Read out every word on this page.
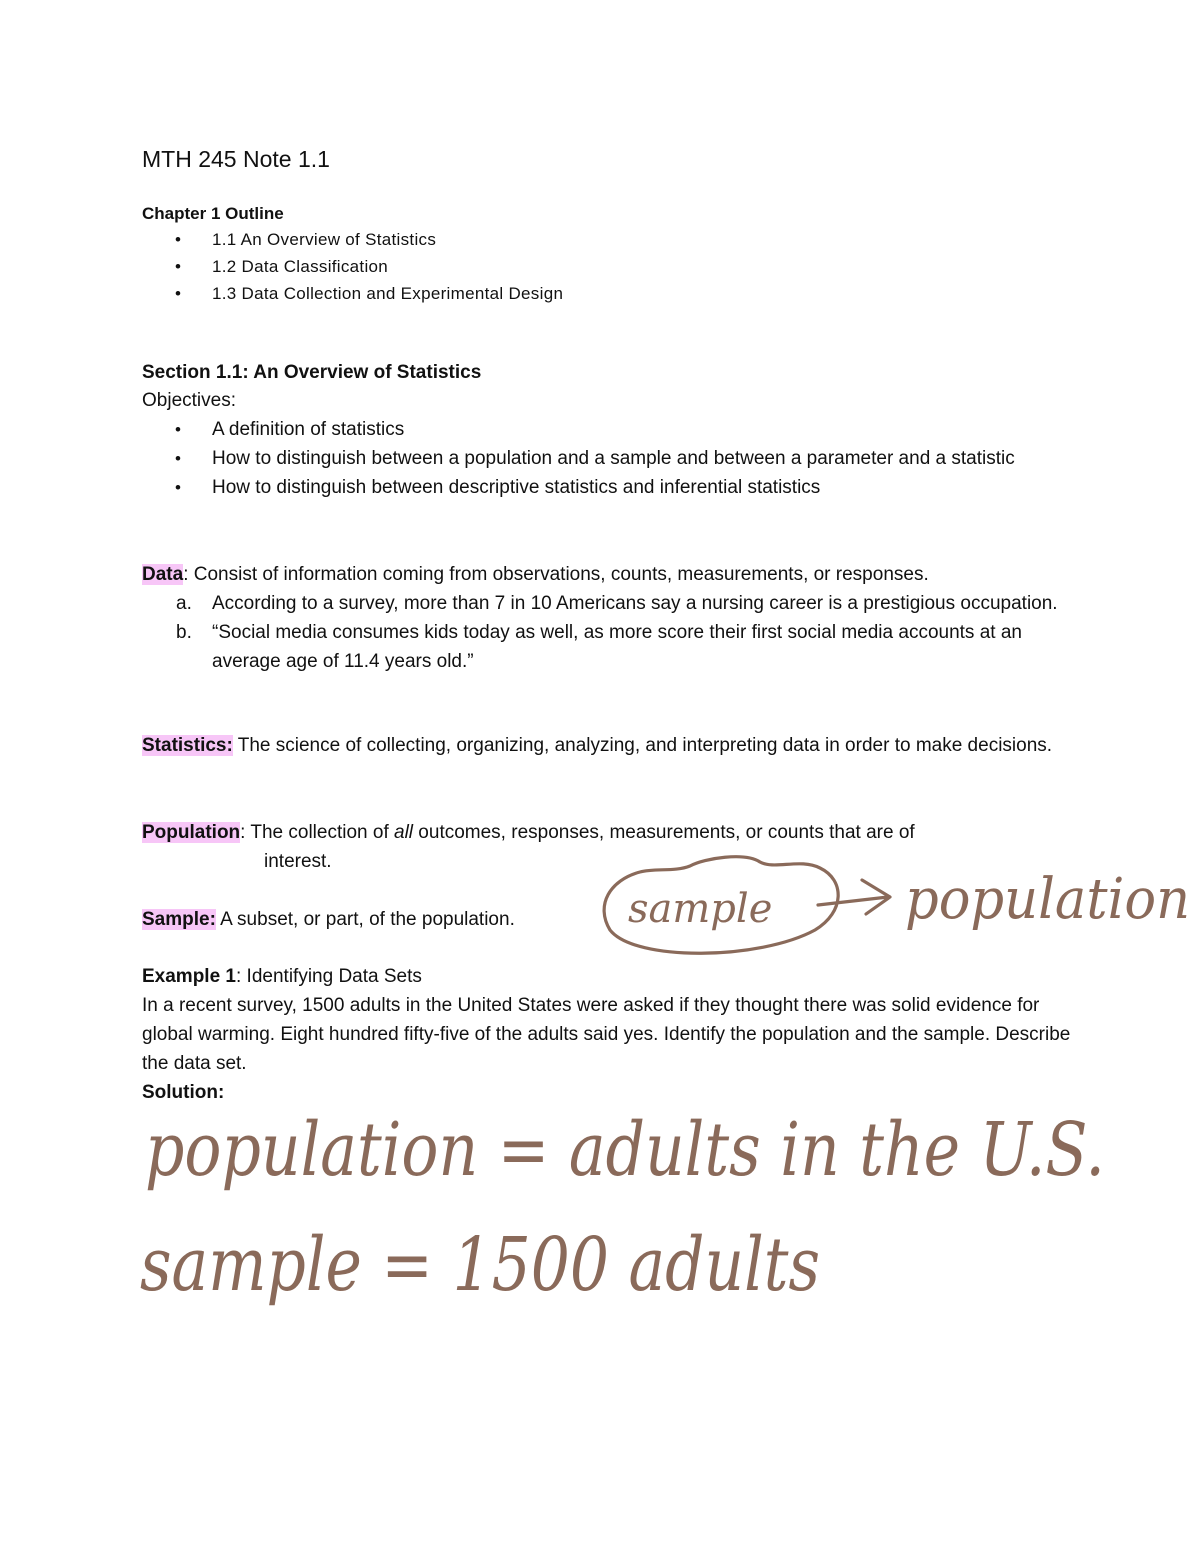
MTH 245 Note 1.1
Chapter 1 Outline
• 1.1 An Overview of Statistics
• 1.2 Data Classification
• 1.3 Data Collection and Experimental Design
Section 1.1: An Overview of Statistics
Objectives:
• A definition of statistics
• How to distinguish between a population and a sample and between a parameter and a statistic
• How to distinguish between descriptive statistics and inferential statistics
Data: Consist of information coming from observations, counts, measurements, or responses.
a. According to a survey, more than 7 in 10 Americans say a nursing career is a prestigious occupation.
b. “Social media consumes kids today as well, as more score their first social media accounts at an average age of 11.4 years old.”
Statistics: The science of collecting, organizing, analyzing, and interpreting data in order to make decisions.
Population: The collection of all outcomes, responses, measurements, or counts that are of
interest.
Sample: A subset, or part, of the population.
Example 1: Identifying Data Sets
In a recent survey, 1500 adults in the United States were asked if they thought there was solid evidence for global warming. Eight hundred fifty-five of the adults said yes. Identify the population and the sample. Describe the data set.
Solution:
sample population
population = adults in the U.S.
sample = 1500 adults
